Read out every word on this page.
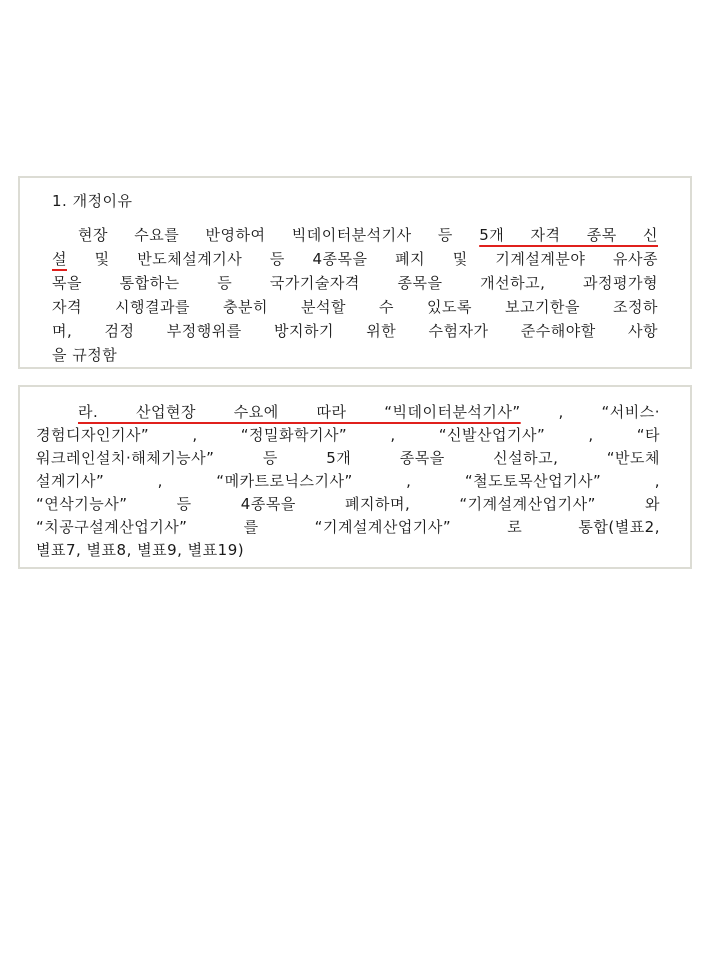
1. 개정이유
현장 수요를 반영하여 빅데이터분석기사 등 5개 자격 종목 신
설 및 반도체설계기사 등 4종목을 폐지 및 기계설계분야 유사종
목을 통합하는 등 국가기술자격 종목을 개선하고, 과정평가형
자격 시행결과를 충분히 분석할 수 있도록 보고기한을 조정하
며, 검정 부정행위를 방지하기 위한 수험자가 준수해야할 사항
을 규정함
라. 산업현장 수요에 따라 “빅데이터분석기사” , “서비스·
경험디자인기사” , “정밀화학기사” , “신발산업기사” , “타
워크레인설치·해체기능사” 등 5개 종목을 신설하고, “반도체
설계기사” , “메카트로닉스기사” , “철도토목산업기사” ,
“연삭기능사” 등 4종목을 폐지하며, “기계설계산업기사” 와
“치공구설계산업기사” 를 “기계설계산업기사” 로 통합(별표2,
별표7, 별표8, 별표9, 별표19)
